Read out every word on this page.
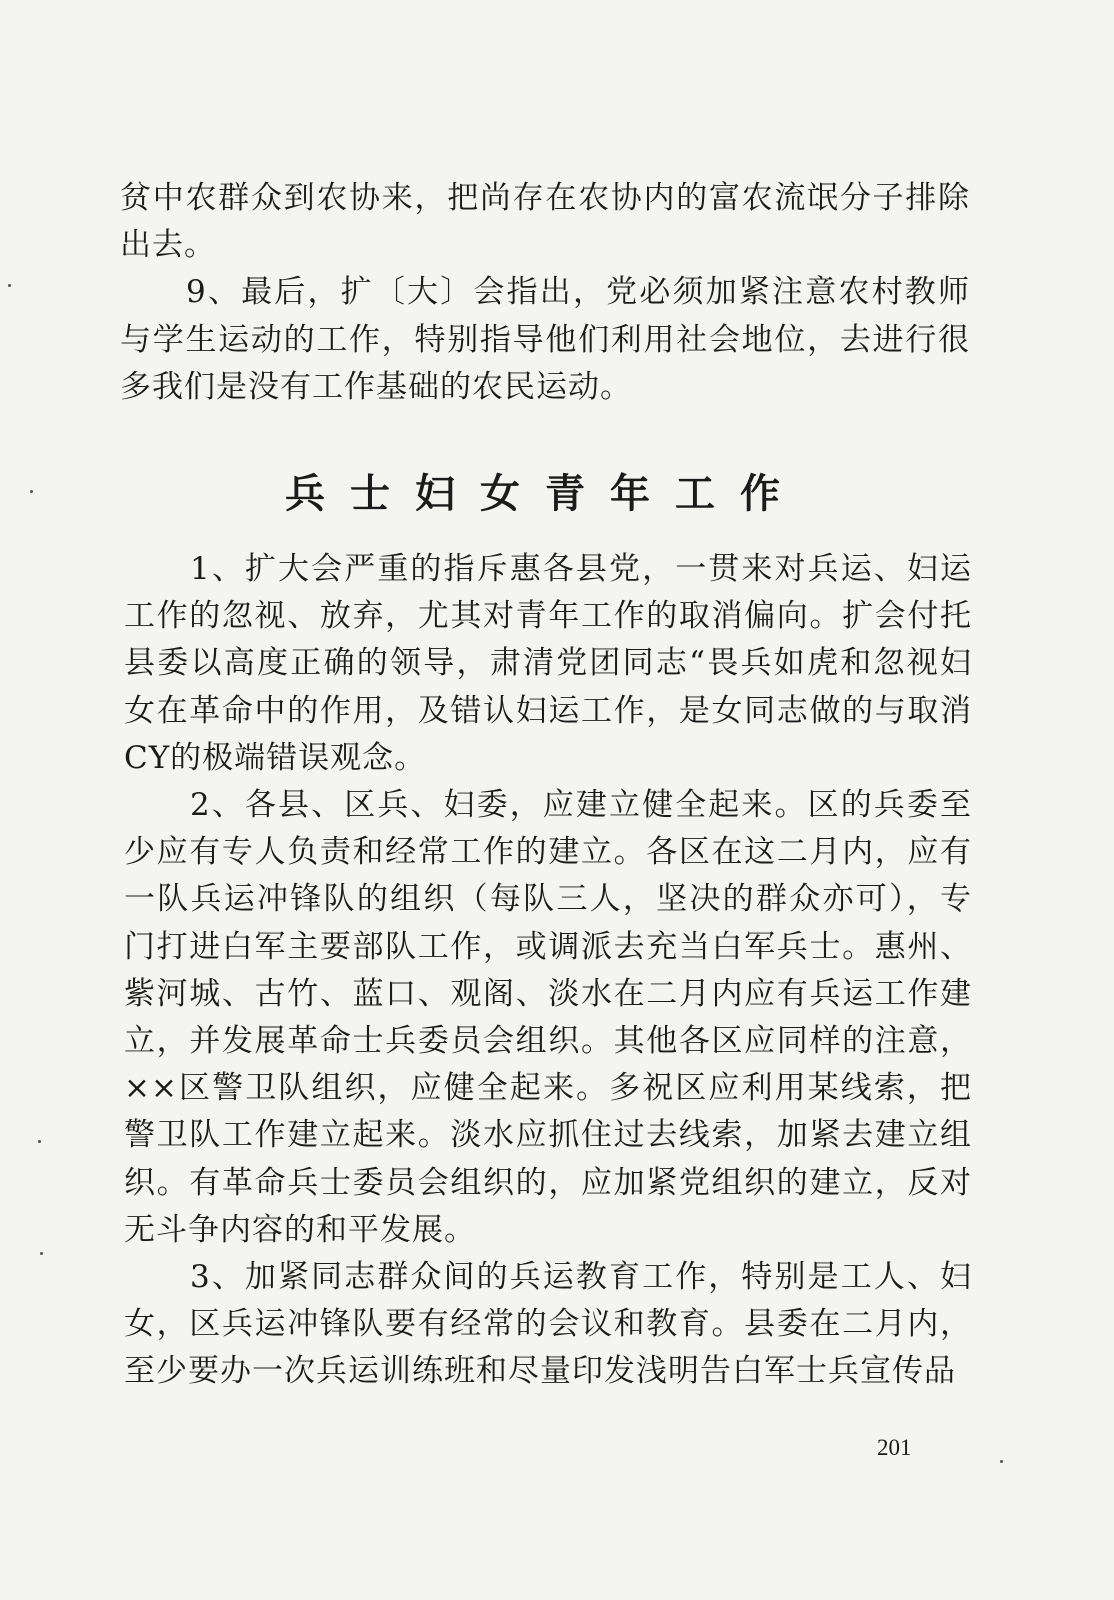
贫中农群众到农协来，把尚存在农协内的富农流氓分子排除出去。

9、最后，扩〔大〕会指出，党必须加紧注意农村教师与学生运动的工作，特别指导他们利用社会地位，去进行很多我们是没有工作基础的农民运动。

兵士妇女青年工作

1、扩大会严重的指斥惠各县党，一贯来对兵运、妇运工作的忽视、放弃，尤其对青年工作的取消偏向。扩会付托县委以高度正确的领导，肃清党团同志“畏兵如虎和忽视妇女在革命中的作用，及错认妇运工作，是女同志做的与取消CY的极端错误观念。

2、各县、区兵、妇委，应建立健全起来。区的兵委至少应有专人负责和经常工作的建立。各区在这二月内，应有一队兵运冲锋队的组织（每队三人，坚决的群众亦可），专门打进白军主要部队工作，或调派去充当白军兵士。惠州、紫河城、古竹、蓝口、观阁、淡水在二月内应有兵运工作建立，并发展革命士兵委员会组织。其他各区应同样的注意，××区警卫队组织，应健全起来。多祝区应利用某线索，把警卫队工作建立起来。淡水应抓住过去线索，加紧去建立组织。有革命兵士委员会组织的，应加紧党组织的建立，反对无斗争内容的和平发展。

3、加紧同志群众间的兵运教育工作，特别是工人、妇女，区兵运冲锋队要有经常的会议和教育。县委在二月内，至少要办一次兵运训练班和尽量印发浅明告白军士兵宣传品

201
